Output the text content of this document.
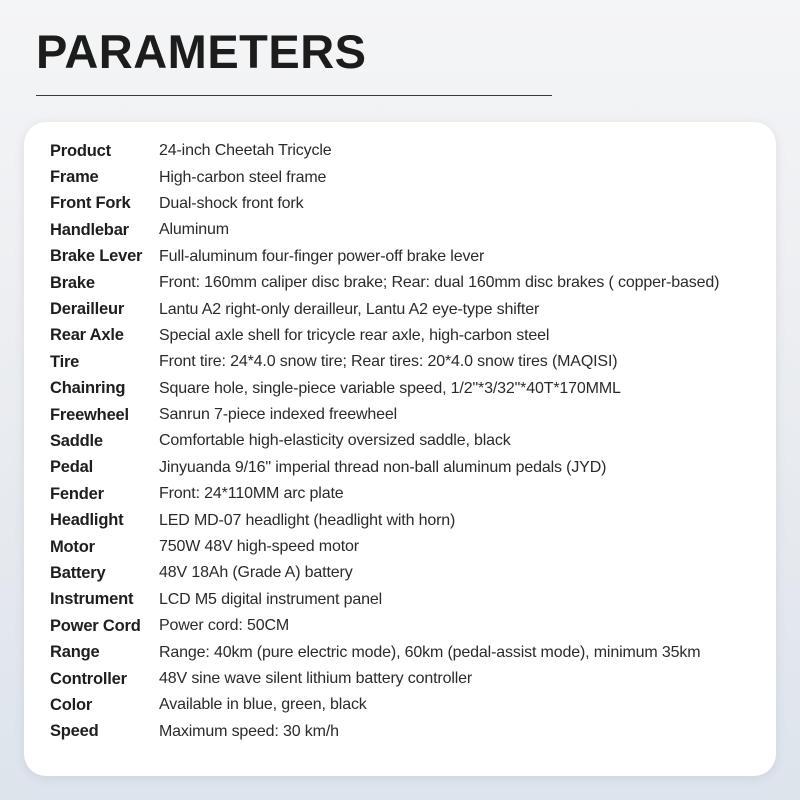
PARAMETERS
Product	24-inch Cheetah Tricycle
Frame	High-carbon steel frame
Front Fork	Dual-shock front fork
Handlebar	Aluminum
Brake Lever	Full-aluminum four-finger power-off brake lever
Brake	Front: 160mm caliper disc brake; Rear: dual 160mm disc brakes ( copper-based)
Derailleur	Lantu A2 right-only derailleur, Lantu A2 eye-type shifter
Rear Axle	Special axle shell for tricycle rear axle, high-carbon steel
Tire	Front tire: 24*4.0 snow tire; Rear tires: 20*4.0 snow tires (MAQISI)
Chainring	Square hole, single-piece variable speed, 1/2"*3/32"*40T*170MML
Freewheel	Sanrun 7-piece indexed freewheel
Saddle	Comfortable high-elasticity oversized saddle, black
Pedal	Jinyuanda 9/16" imperial thread non-ball aluminum pedals (JYD)
Fender	Front: 24*110MM arc plate
Headlight	LED MD-07 headlight (headlight with horn)
Motor	750W 48V high-speed motor
Battery	48V 18Ah (Grade A) battery
Instrument	LCD M5 digital instrument panel
Power Cord	Power cord: 50CM
Range	Range: 40km (pure electric mode), 60km (pedal-assist mode), minimum 35km
Controller	48V sine wave silent lithium battery controller
Color	Available in blue, green, black
Speed	Maximum speed: 30 km/h
